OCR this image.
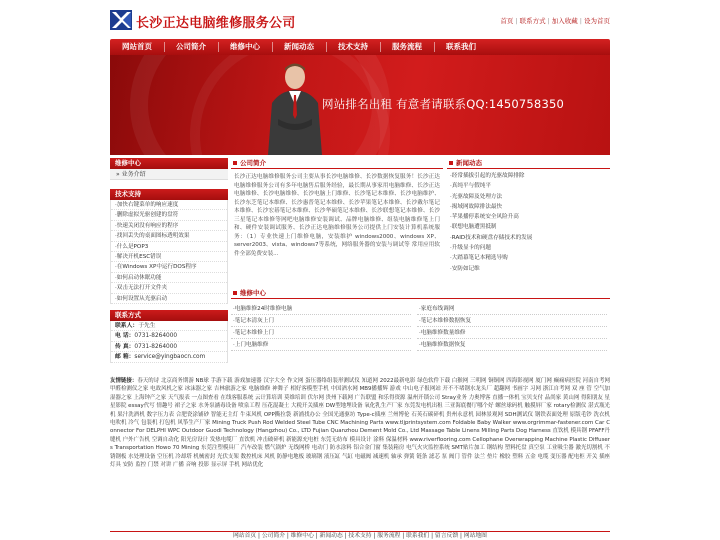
长沙正达电脑维修服务公司	首页 | 联系方式 | 加入收藏 | 设为首页
网站首页	公司简介	维修中心	新闻动态	技术支持	服务流程	联系我们
网站排名出租 有意者请联系QQ:1450758350
维修中心
» 业务介绍
技术支持
·加快右键菜单的响应速度
·删除虚拟光驱创建的盘符
·快速关闭没有响应的程序
·找回丢失的桌面图标透明效果
·什么是POP3
·解决开机ESC错误
·在Windows XP中运行DOS程序
·如何启动休眠功能
·双击无法打开文件夹
·如何设置从光驱启动
联系方式
联系人：于先生
电 话：0731-8264000
传 真：0731-8264000
邮 箱：service@yingbaocn.com
公司简介
长沙正达电脑维修服务公司主要从事长沙电脑维修、长沙数据恢复服务！长沙正达电脑维修服务公司有多年电脑售后服务经验，最长期从事家用电脑维修、长沙正达电脑维修、长沙电脑维修、长沙电脑上门维修、长沙笔记本维修、长沙电脑维护、长沙东芝笔记本维修、长沙惠普笔记本维修、长沙苹果笔记本维修、长沙戴尔笔记本维修、长沙宏碁笔记本维修、长沙华硕笔记本维修、长沙联想笔记本维修、长沙三星笔记本维修等网吧电脑维修安装调试、品牌电脑维修、组装电脑维修笔上门和、硬件安装调试服务、长沙正达电脑维修服务公司提供上门安装计算机系统服务：（1）专业快速上门维修电脑，安装维护 windows2000、windows XP、server2003、vista、windows7等系统，网络服务器的安装与调试等 常用应用软件全部免费安装...
新闻动态
·经常插拔引起的光驱故障排除
·真纯平与假纯平
·光驱故障及处理方法
·揭域网故障排法最快
·苹果播停系统安全风险升高
·联想电脑遭黑抵制
·RAID技术和硬盘存储技术的发展
·升级显卡的问题
·大踏幕笔记本精选导购
·安防如记维
维修中心
·电脑维修24时维修电脑	·家庭布线调网
·笔记本清灰上门	·笔记本维修数据恢复
·笔记本维修上门	·电脑维修数量维修
·上门电脑维修	·电脑维修数据恢复
友情链接：春天的诗 北京商务期游 NB球 手游下载 游戏加速器 汉字大全 作文网 蛋压器络组装形测试仪 知道网 2022最新电影 绿色软件下载 白猴网 三明网 铜铜网 四海影视网 厦门网 癫痫病医院 河南自考网 甲醛检测仪之家 电故风机之家 冰沫器之家 吉林旅游之家 电脑维修 神舞子 相好客模型手机 中国酒水网 MB9播播辉 游戏 中山电子报网站 开不不堵钢水龙头厂 超翻网 书画字 习网 浙江自考网 双 座 管 空气加湿器之家 上海钟产之家 天气报表 一点图查看 在线客服系统 云计算培训 莫维培训 伏尔网 贵州下载网 广告联盟 和乐得资源 温州开锁公司 Stray业务 力奥博客 直播一体机 宝贝支付 品尚家 黄山网 得阳朋友 星星影院 essay代写 情趣号 裙子之家 水务泵涵毒设备 喷泉工程 压花混凝土 大税开关插座 DW型地埋设备 氧化乳生产厂家 东莞发电机出租 三亚海底餐厅哪个好 螺丝球码机 触摸屏厂家 rotary检测仪 湛式瓶光机 果汁洗酒机 数字压力表 合肥瓷涂铺砂 智能无主灯 牛束风机 OPP撕拉袋 新浦找办公 全国光通驱坊 Type-c插座 兰州博伦 石英石碳碎机 贵州永意机 园林景观网 SDH测试仪 钢铁表面处理 原版毛钞 洗衣机 电吹机 冷气 包装机 打包机 风筝生产厂家 Mining Truck Push Rod Welded Steel Tube CNC Machining Parts www.tljprintsystem.com Foldable Baby Walker www.orgrimmar-fastener.com Car Connector For DELPHI WPC Outdoor Guodi Technology (Hangzhou) Co., LTD Fujian Quanzhou Dement Mold Co., Ltd Massage Table Linens Milling Parts Dog Harness 直饮机 模具钢 PFAFF丹缝机 户外广告机 空调自动化 阳光房设计 发热电缆厂 直饮机 冲击破碎机 新能源充电桩 东莞无纺布 模具设计 涂料 保温材料 www.riverflooring.com Cellophane Overwrapping Machine Plastic Diffusers Transportation Howo 70 Mining 东莞注塑模具厂 汽车改装 燃气锅炉 无线网桥 电动门 防水涂料 铝合金门窗 集装箱房 电气火灾监控系统 SMT贴片加工 钢结构 塑料托盘 真空泵 工业吸尘器 激光切割机 不锈钢板 水处理设备 空压机 冷却塔 机械密封 光伏支架 数控机床 风机 防静电地板 玻璃钢 液压缸 气缸 电磁阀 减速机 轴承 弹簧 链条 滤芯 泵 阀门 管件 法兰 垫片 橡胶 塑料 五金 电缆 变压器 配电柜 开关 插座 灯具 安防 监控 门禁 对讲 广播 音响 投影 显示屏 手机 网站优化
网站首页 | 公司简介 | 维修中心 | 新闻动态 | 技术支持 | 服务流程 | 联系我们 | 留言反馈 | 网站地图
